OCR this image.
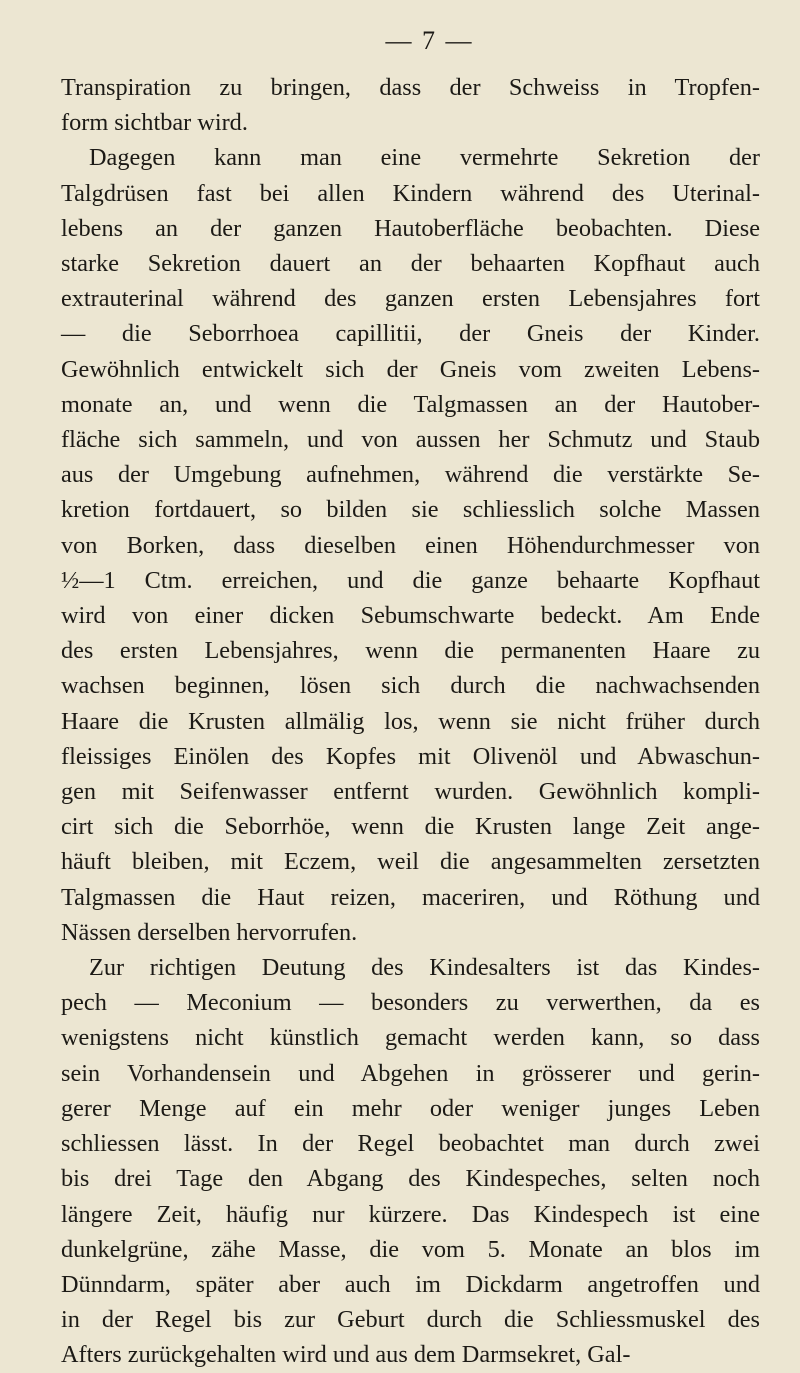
— 7 —
Transpiration zu bringen, dass der Schweiss in Tropfen-
form sichtbar wird.
Dagegen kann man eine vermehrte Sekretion der
Talgdrüsen fast bei allen Kindern während des Uterinal-
lebens an der ganzen Hautoberfläche beobachten. Diese
starke Sekretion dauert an der behaarten Kopfhaut auch
extrauterinal während des ganzen ersten Lebensjahres fort
— die Seborrhoea capillitii, der Gneis der Kinder.
Gewöhnlich entwickelt sich der Gneis vom zweiten Lebens-
monate an, und wenn die Talgmassen an der Hautober-
fläche sich sammeln, und von aussen her Schmutz und Staub
aus der Umgebung aufnehmen, während die verstärkte Se-
kretion fortdauert, so bilden sie schliesslich solche Massen
von Borken, dass dieselben einen Höhendurchmesser von
½—1 Ctm. erreichen, und die ganze behaarte Kopfhaut
wird von einer dicken Sebumschwarte bedeckt. Am Ende
des ersten Lebensjahres, wenn die permanenten Haare zu
wachsen beginnen, lösen sich durch die nachwachsenden
Haare die Krusten allmälig los, wenn sie nicht früher durch
fleissiges Einölen des Kopfes mit Olivenöl und Abwaschun-
gen mit Seifenwasser entfernt wurden. Gewöhnlich kompli-
cirt sich die Seborrhöe, wenn die Krusten lange Zeit ange-
häuft bleiben, mit Eczem, weil die angesammelten zersetzten
Talgmassen die Haut reizen, maceriren, und Röthung und
Nässen derselben hervorrufen.
Zur richtigen Deutung des Kindesalters ist das Kindes-
pech — Meconium — besonders zu verwerthen, da es
wenigstens nicht künstlich gemacht werden kann, so dass
sein Vorhandensein und Abgehen in grösserer und gerin-
gerer Menge auf ein mehr oder weniger junges Leben
schliessen lässt. In der Regel beobachtet man durch zwei
bis drei Tage den Abgang des Kindespeches, selten noch
längere Zeit, häufig nur kürzere. Das Kindespech ist eine
dunkelgrüne, zähe Masse, die vom 5. Monate an blos im
Dünndarm, später aber auch im Dickdarm angetroffen und
in der Regel bis zur Geburt durch die Schliessmuskel des
Afters zurückgehalten wird und aus dem Darmsekret, Gal-
